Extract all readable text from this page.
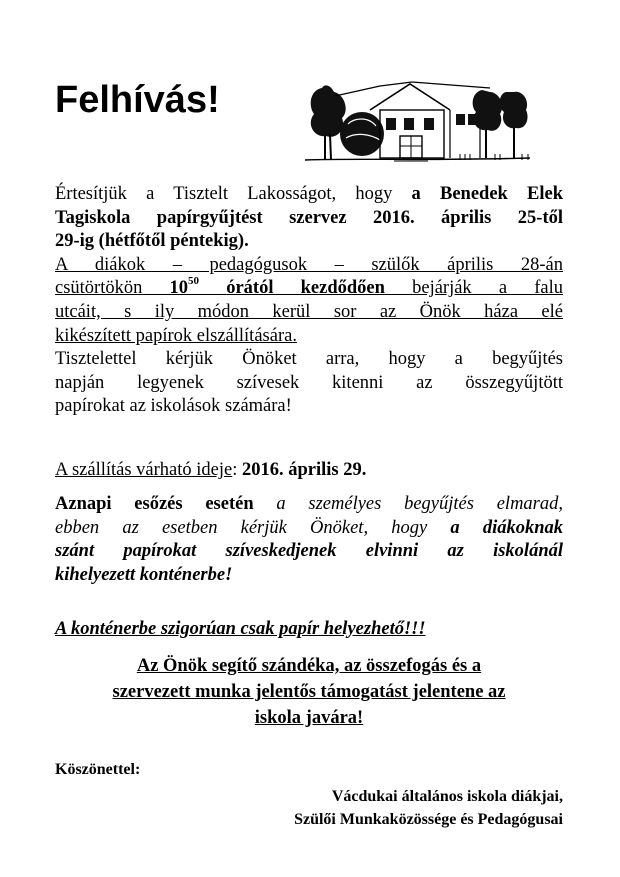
Felhívás!
Értesítjük a Tisztelt Lakosságot, hogy a Benedek Elek
Tagiskola papírgyűjtést szervez 2016. április 25-től
29-ig (hétfőtől péntekig).
A diákok – pedagógusok – szülők április 28-án
csütörtökön $10^{50}$ órától kezdődően bejárják a falu
utcáit, s ily módon kerül sor az Önök háza elé
kikészített papírok elszállítására.
Tisztelettel kérjük Önöket arra, hogy a begyűjtés
napján legyenek szívesek kitenni az összegyűjtött
papírokat az iskolások számára!
A szállítás várható ideje: 2016. április 29.
Aznapi esőzés esetén a személyes begyűjtés elmarad,
ebben az esetben kérjük Önöket, hogy a diákoknak
szánt papírokat szíveskedjenek elvinni az iskolánál
kihelyezett konténerbe!
A konténerbe szigorúan csak papír helyezhető!!!
Az Önök segítő szándéka, az összefogás és a
szervezett munka jelentős támogatást jelentene az
iskola javára!
Köszönettel:
Vácdukai általános iskola diákjai,
Szülői Munkaközössége és Pedagógusai
